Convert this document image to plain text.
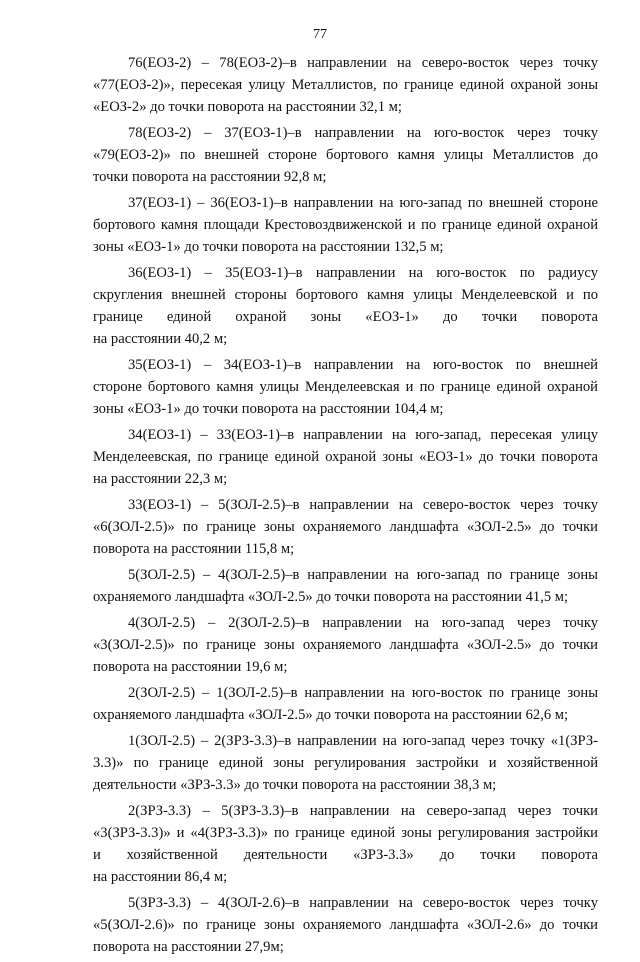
77
76(ЕОЗ-2) – 78(ЕОЗ-2)–в направлении на северо-восток через точку
«77(ЕОЗ-2)», пересекая улицу Металлистов, по границе единой охраной зоны
«ЕОЗ-2» до точки поворота на расстоянии 32,1 м;
78(ЕОЗ-2) – 37(ЕОЗ-1)–в направлении на юго-восток через точку
«79(ЕОЗ-2)» по внешней стороне бортового камня улицы Металлистов до
точки поворота на расстоянии 92,8 м;
37(ЕОЗ-1) – 36(ЕОЗ-1)–в направлении на юго-запад по внешней стороне
бортового камня площади Крестовоздвиженской и по границе единой охраной
зоны «ЕОЗ-1» до точки поворота на расстоянии 132,5 м;
36(ЕОЗ-1) – 35(ЕОЗ-1)–в направлении на юго-восток по радиусу
скругления внешней стороны бортового камня улицы Менделеевской и по
границе единой охраной зоны «ЕОЗ-1» до точки поворота
на расстоянии 40,2 м;
35(ЕОЗ-1) – 34(ЕОЗ-1)–в направлении на юго-восток по внешней
стороне бортового камня улицы Менделеевская и по границе единой охраной
зоны «ЕОЗ-1» до точки поворота на расстоянии 104,4 м;
34(ЕОЗ-1) – 33(ЕОЗ-1)–в направлении на юго-запад, пересекая улицу
Менделеевская, по границе единой охраной зоны «ЕОЗ-1» до точки поворота
на расстоянии 22,3 м;
33(ЕОЗ-1) – 5(ЗОЛ-2.5)–в направлении на северо-восток через точку
«6(ЗОЛ-2.5)» по границе зоны охраняемого ландшафта «ЗОЛ-2.5» до точки
поворота на расстоянии 115,8 м;
5(ЗОЛ-2.5) – 4(ЗОЛ-2.5)–в направлении на юго-запад по границе зоны
охраняемого ландшафта «ЗОЛ-2.5» до точки поворота на расстоянии 41,5 м;
4(ЗОЛ-2.5) – 2(ЗОЛ-2.5)–в направлении на юго-запад через точку
«3(ЗОЛ-2.5)» по границе зоны охраняемого ландшафта «ЗОЛ-2.5» до точки
поворота на расстоянии 19,6 м;
2(ЗОЛ-2.5) – 1(ЗОЛ-2.5)–в направлении на юго-восток по границе зоны
охраняемого ландшафта «ЗОЛ-2.5» до точки поворота на расстоянии 62,6 м;
1(ЗОЛ-2.5) – 2(ЗРЗ-3.3)–в направлении на юго-запад через точку «1(ЗРЗ-
3.3)» по границе единой зоны регулирования застройки и хозяйственной
деятельности «ЗРЗ-3.3» до точки поворота на расстоянии 38,3 м;
2(ЗРЗ-3.3) – 5(ЗРЗ-3.3)–в направлении на северо-запад через точки
«3(ЗРЗ-3.3)» и «4(ЗРЗ-3.3)» по границе единой зоны регулирования застройки
и хозяйственной деятельности «ЗРЗ-3.3» до точки поворота
на расстоянии 86,4 м;
5(ЗРЗ-3.3) – 4(ЗОЛ-2.6)–в направлении на северо-восток через точку
«5(ЗОЛ-2.6)» по границе зоны охраняемого ландшафта «ЗОЛ-2.6» до точки
поворота на расстоянии 27,9м;
